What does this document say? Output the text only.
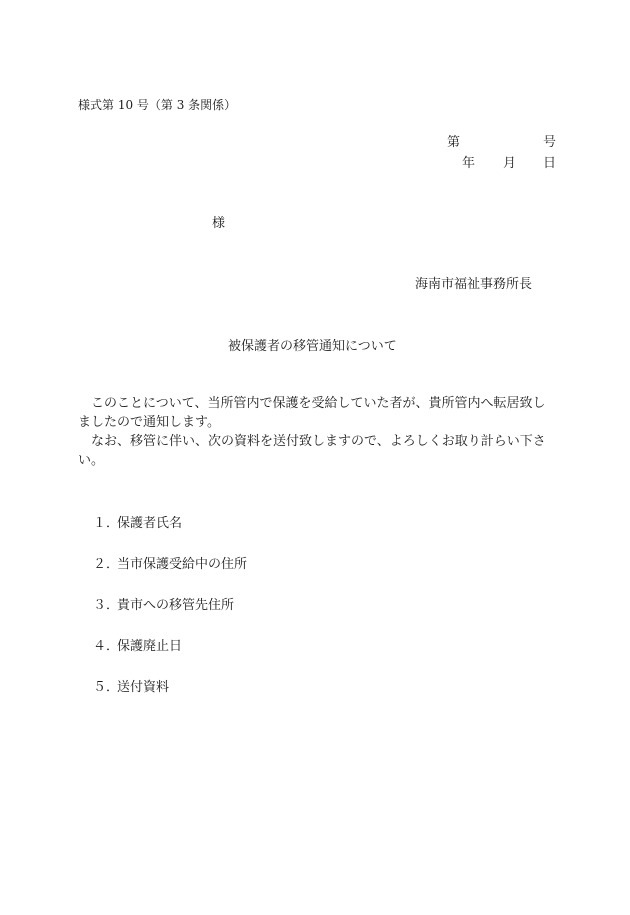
様式第 10 号（第 3 条関係）
第	号
年 月 日
様
海南市福祉事務所長
被保護者の移管通知について

このことについて、当所管内で保護を受給していた者が、貴所管内へ転居致しましたので通知します。

なお、移管に伴い、次の資料を送付致しますので、よろしくお取り計らい下さい。

１．保護者氏名
２．当市保護受給中の住所
３．貴市への移管先住所
４．保護廃止日
５．送付資料
